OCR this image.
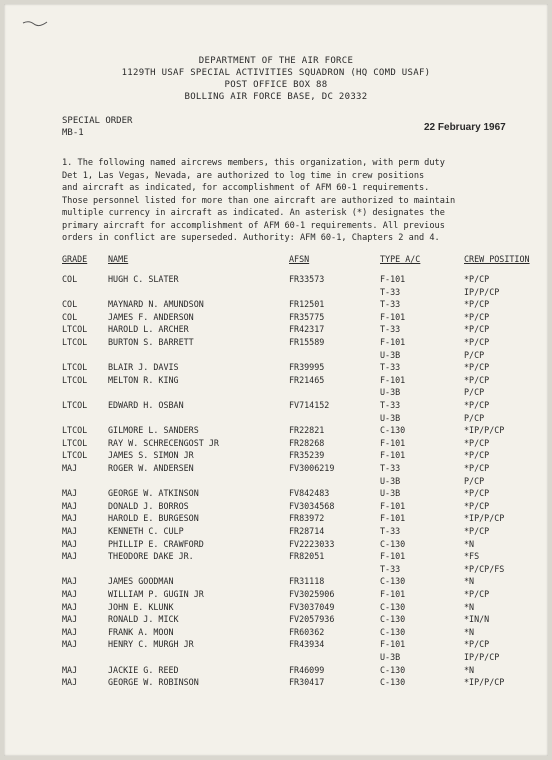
DEPARTMENT OF THE AIR FORCE
1129TH USAF SPECIAL ACTIVITIES SQUADRON (HQ COMD USAF)
POST OFFICE BOX 88
BOLLING AIR FORCE BASE, DC 20332
SPECIAL ORDER
MB-1	22 February 1967
1. The following named aircrews members, this organization, with perm duty
Det 1, Las Vegas, Nevada, are authorized to log time in crew positions
and aircraft as indicated, for accomplishment of AFM 60-1 requirements.
Those personnel listed for more than one aircraft are authorized to maintain
multiple currency in aircraft as indicated. An asterisk (*) designates the
primary aircraft for accomplishment of AFM 60-1 requirements. All previous
orders in conflict are superseded. Authority: AFM 60-1, Chapters 2 and 4.
GRADE NAME	AFSN	TYPE A/C	CREW POSITION
COL	HUGH C. SLATER	FR33573	F-101	*P/CP
T-33	IP/P/CP
COL	MAYNARD N. AMUNDSON	FR12501	T-33	*P/CP
COL	JAMES F. ANDERSON	FR35775	F-101	*P/CP
LTCOL HAROLD L. ARCHER	FR42317	T-33	*P/CP
LTCOL BURTON S. BARRETT	FR15589	F-101	*P/CP
U-3B	P/CP
LTCOL BLAIR J. DAVIS	FR39995	T-33	*P/CP
LTCOL MELTON R. KING	FR21465	F-101	*P/CP
U-3B	P/CP
LTCOL EDWARD H. OSBAN	FV714152	T-33	*P/CP
U-3B	P/CP
LTCOL GILMORE L. SANDERS	FR22821	C-130	*IP/P/CP
LTCOL RAY W. SCHRECENGOST JR	FR28268	F-101	*P/CP
LTCOL JAMES S. SIMON JR	FR35239	F-101	*P/CP
MAJ	ROGER W. ANDERSEN	FV3006219	T-33	*P/CP
U-3B	P/CP
MAJ	GEORGE W. ATKINSON	FV842483	U-3B	*P/CP
MAJ	DONALD J. BORROS	FV3034568	F-101	*P/CP
MAJ	HAROLD E. BURGESON	FR83972	F-101	*IP/P/CP
MAJ	KENNETH C. CULP	FR28714	T-33	*P/CP
MAJ	PHILLIP E. CRAWFORD	FV2223033	C-130	*N
MAJ	THEODORE DAKE JR.	FR82051	F-101	*FS
T-33	*P/CP/FS
MAJ	JAMES GOODMAN	FR31118	C-130	*N
MAJ	WILLIAM P. GUGIN JR	FV3025906	F-101	*P/CP
MAJ	JOHN E. KLUNK	FV3037049	C-130	*N
MAJ	RONALD J. MICK	FV2057936	C-130	*IN/N
MAJ	FRANK A. MOON	FR60362	C-130	*N
MAJ	HENRY C. MURGH JR	FR43934	F-101	*P/CP
U-3B	IP/P/CP
MAJ	JACKIE G. REED	FR46099	C-130	*N
MAJ	GEORGE W. ROBINSON	FR30417	C-130	*IP/P/CP
